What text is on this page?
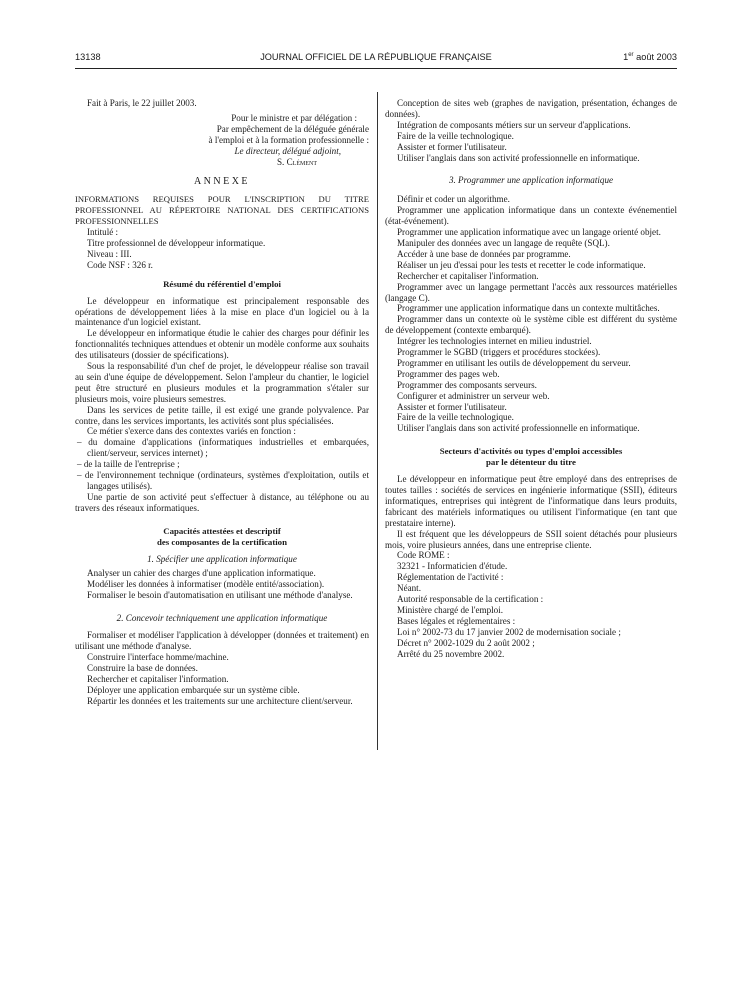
13138	JOURNAL OFFICIEL DE LA RÉPUBLIQUE FRANÇAISE	1er août 2003

Fait à Paris, le 22 juillet 2003.

Pour le ministre et par délégation :

Par empêchement de la déléguée générale

à l'emploi et à la formation professionnelle :

Le directeur, délégué adjoint,

S. Clément

ANNEXE

INFORMATIONS REQUISES POUR L'INSCRIPTION DU TITRE PROFESSIONNEL AU RÉPERTOIRE NATIONAL DES CERTIFICATIONS PROFESSIONNELLES

Intitulé :

Titre professionnel de développeur informatique.

Niveau : III.

Code NSF : 326 r.

Résumé du référentiel d'emploi

Le développeur en informatique est principalement responsable des opérations de développement liées à la mise en place d'un logiciel ou à la maintenance d'un logiciel existant.

Le développeur en informatique étudie le cahier des charges pour définir les fonctionnalités techniques attendues et obtenir un modèle conforme aux souhaits des utilisateurs (dossier de spécifications).

Sous la responsabilité d'un chef de projet, le développeur réalise son travail au sein d'une équipe de développement. Selon l'ampleur du chantier, le logiciel peut être structuré en plusieurs modules et la programmation s'étaler sur plusieurs mois, voire plusieurs semestres.

Dans les services de petite taille, il est exigé une grande polyvalence. Par contre, dans les services importants, les activités sont plus spécialisées.

Ce métier s'exerce dans des contextes variés en fonction :

– du domaine d'applications (informatiques industrielles et embarquées, client/serveur, services internet) ;

– de la taille de l'entreprise ;

– de l'environnement technique (ordinateurs, systèmes d'exploitation, outils et langages utilisés).

Une partie de son activité peut s'effectuer à distance, au téléphone ou au travers des réseaux informatiques.

Capacités attestées et descriptif

des composantes de la certification

1. Spécifier une application informatique

Analyser un cahier des charges d'une application informatique.

Modéliser les données à informatiser (modèle entité/association).

Formaliser le besoin d'automatisation en utilisant une méthode d'analyse.

2. Concevoir techniquement une application informatique

Formaliser et modéliser l'application à développer (données et traitement) en utilisant une méthode d'analyse.

Construire l'interface homme/machine.

Construire la base de données.

Rechercher et capitaliser l'information.

Déployer une application embarquée sur un système cible.

Répartir les données et les traitements sur une architecture client/serveur.

Conception de sites web (graphes de navigation, présentation, échanges de données).

Intégration de composants métiers sur un serveur d'applications.

Faire de la veille technologique.

Assister et former l'utilisateur.

Utiliser l'anglais dans son activité professionnelle en informatique.

3. Programmer une application informatique

Définir et coder un algorithme.

Programmer une application informatique dans un contexte événementiel (état-événement).

Programmer une application informatique avec un langage orienté objet.

Manipuler des données avec un langage de requête (SQL).

Accéder à une base de données par programme.

Réaliser un jeu d'essai pour les tests et recetter le code informatique.

Rechercher et capitaliser l'information.

Programmer avec un langage permettant l'accès aux ressources matérielles (langage C).

Programmer une application informatique dans un contexte multitâches.

Programmer dans un contexte où le système cible est différent du système de développement (contexte embarqué).

Intégrer les technologies internet en milieu industriel.

Programmer le SGBD (triggers et procédures stockées).

Programmer en utilisant les outils de développement du serveur.

Programmer des pages web.

Programmer des composants serveurs.

Configurer et administrer un serveur web.

Assister et former l'utilisateur.

Faire de la veille technologique.

Utiliser l'anglais dans son activité professionnelle en informatique.

Secteurs d'activités ou types d'emploi accessibles

par le détenteur du titre

Le développeur en informatique peut être employé dans des entreprises de toutes tailles : sociétés de services en ingénierie informatique (SSII), éditeurs informatiques, entreprises qui intègrent de l'informatique dans leurs produits, fabricant des matériels informatiques ou utilisent l'informatique (en tant que prestataire interne).

Il est fréquent que les développeurs de SSII soient détachés pour plusieurs mois, voire plusieurs années, dans une entreprise cliente.

Code ROME :

32321 - Informaticien d'étude.

Réglementation de l'activité :

Néant.

Autorité responsable de la certification :

Ministère chargé de l'emploi.

Bases légales et réglementaires :

Loi n° 2002-73 du 17 janvier 2002 de modernisation sociale ;

Décret n° 2002-1029 du 2 août 2002 ;

Arrêté du 25 novembre 2002.
